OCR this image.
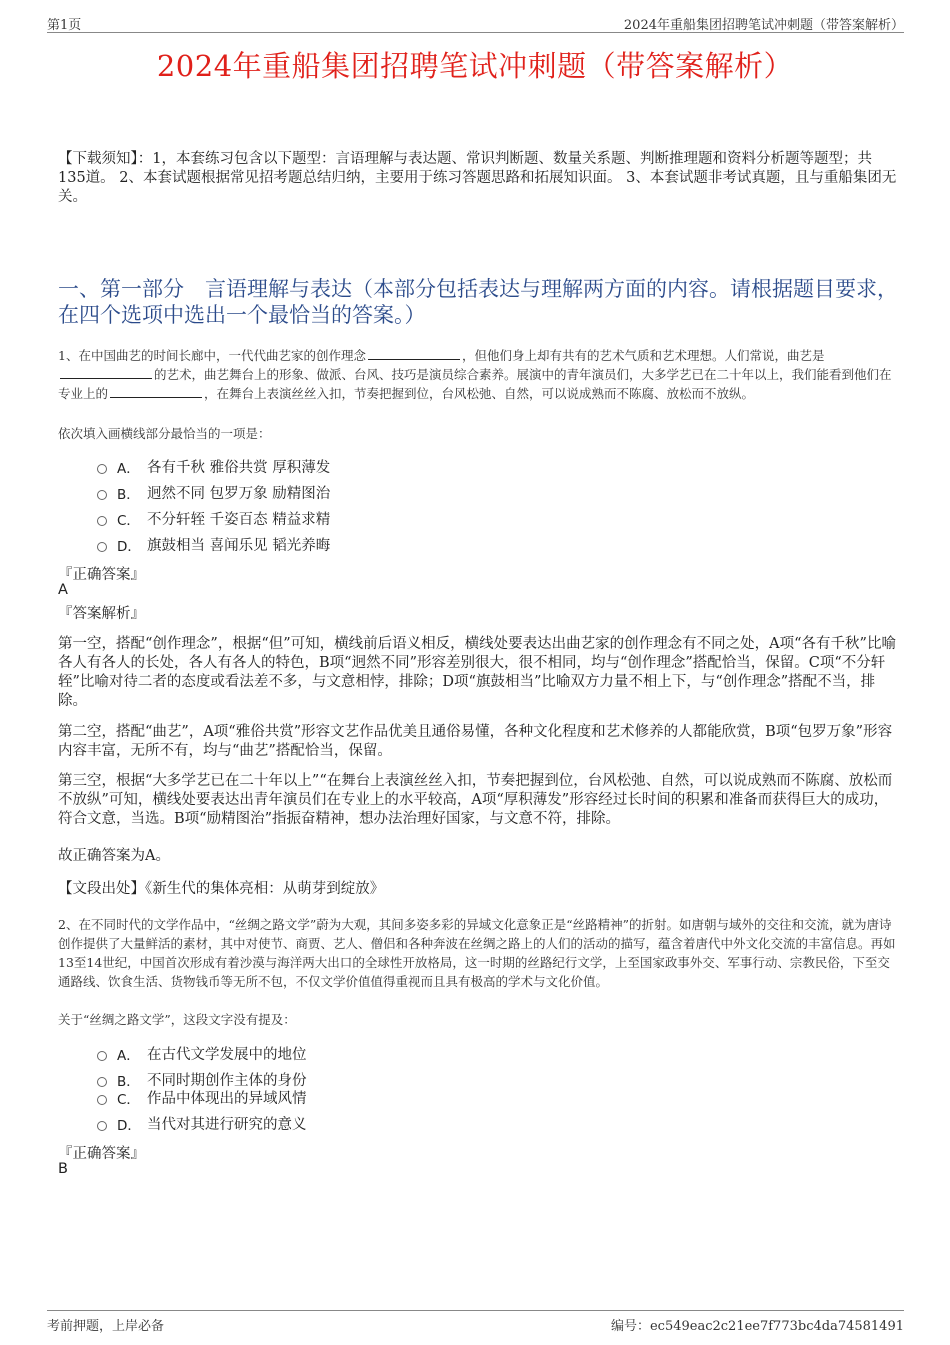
第1页	2024年重船集团招聘笔试冲刺题（带答案解析）
2024年重船集团招聘笔试冲刺题（带答案解析）
【下载须知】：1，本套练习包含以下题型：言语理解与表达题、常识判断题、数量关系题、判断推理题和资料分析题等题型；共135道。 2、本套试题根据常见招考题总结归纳，主要用于练习答题思路和拓展知识面。 3、本套试题非考试真题，且与重船集团无关。
一、第一部分　言语理解与表达（本部分包括表达与理解两方面的内容。请根据题目要求，在四个选项中选出一个最恰当的答案。）
1、在中国曲艺的时间长廊中，一代代曲艺家的创作理念	，但他们身上却有共有的艺术气质和艺术理想。人们常说，曲艺是的艺术，曲艺舞台上的形象、做派、台风、技巧是演员综合素养。展演中的青年演员们，大多学艺已在二十年以上，我们能看到他们在专业上的	，在舞台上表演丝丝入扣，节奏把握到位，台风松弛、自然，可以说成熟而不陈腐、放松而不放纵。
依次填入画横线部分最恰当的一项是：
A． 各有千秋 雅俗共赏 厚积薄发
B． 迥然不同 包罗万象 励精图治
C． 不分轩轾 千姿百态 精益求精
D． 旗鼓相当 喜闻乐见 韬光养晦
『正确答案』
A
『答案解析』
第一空，搭配“创作理念”，根据“但”可知，横线前后语义相反，横线处要表达出曲艺家的创作理念有不同之处，A项“各有千秋”比喻各人有各人的长处，各人有各人的特色，B项“迥然不同”形容差别很大，很不相同，均与“创作理念”搭配恰当，保留。C项“不分轩轾”比喻对待二者的态度或看法差不多，与文意相悖，排除；D项“旗鼓相当”比喻双方力量不相上下，与“创作理念”搭配不当，排除。
第二空，搭配“曲艺”，A项“雅俗共赏”形容文艺作品优美且通俗易懂，各种文化程度和艺术修养的人都能欣赏，B项“包罗万象”形容内容丰富，无所不有，均与“曲艺”搭配恰当，保留。
第三空，根据“大多学艺已在二十年以上”“在舞台上表演丝丝入扣，节奏把握到位，台风松弛、自然，可以说成熟而不陈腐、放松而不放纵”可知，横线处要表达出青年演员们在专业上的水平较高，A项“厚积薄发”形容经过长时间的积累和准备而获得巨大的成功，符合文意，当选。B项“励精图治”指振奋精神，想办法治理好国家，与文意不符，排除。
故正确答案为A。
【文段出处】《新生代的集体亮相：从萌芽到绽放》
2、在不同时代的文学作品中，“丝绸之路文学”蔚为大观，其间多姿多彩的异域文化意象正是“丝路精神”的折射。如唐朝与域外的交往和交流，就为唐诗创作提供了大量鲜活的素材，其中对使节、商贾、艺人、僧侣和各种奔波在丝绸之路上的人们的活动的描写，蕴含着唐代中外文化交流的丰富信息。再如13至14世纪，中国首次形成有着沙漠与海洋两大出口的全球性开放格局，这一时期的丝路纪行文学，上至国家政事外交、军事行动、宗教民俗，下至交通路线、饮食生活、货物钱币等无所不包，不仅文学价值值得重视而且具有极高的学术与文化价值。
关于“丝绸之路文学”，这段文字没有提及：
A． 在古代文学发展中的地位
B． 不同时期创作主体的身份
C． 作品中体现出的异域风情
D． 当代对其进行研究的意义
『正确答案』
B
考前押题，上岸必备	编号：ec549eac2c21ee7f773bc4da74581491
